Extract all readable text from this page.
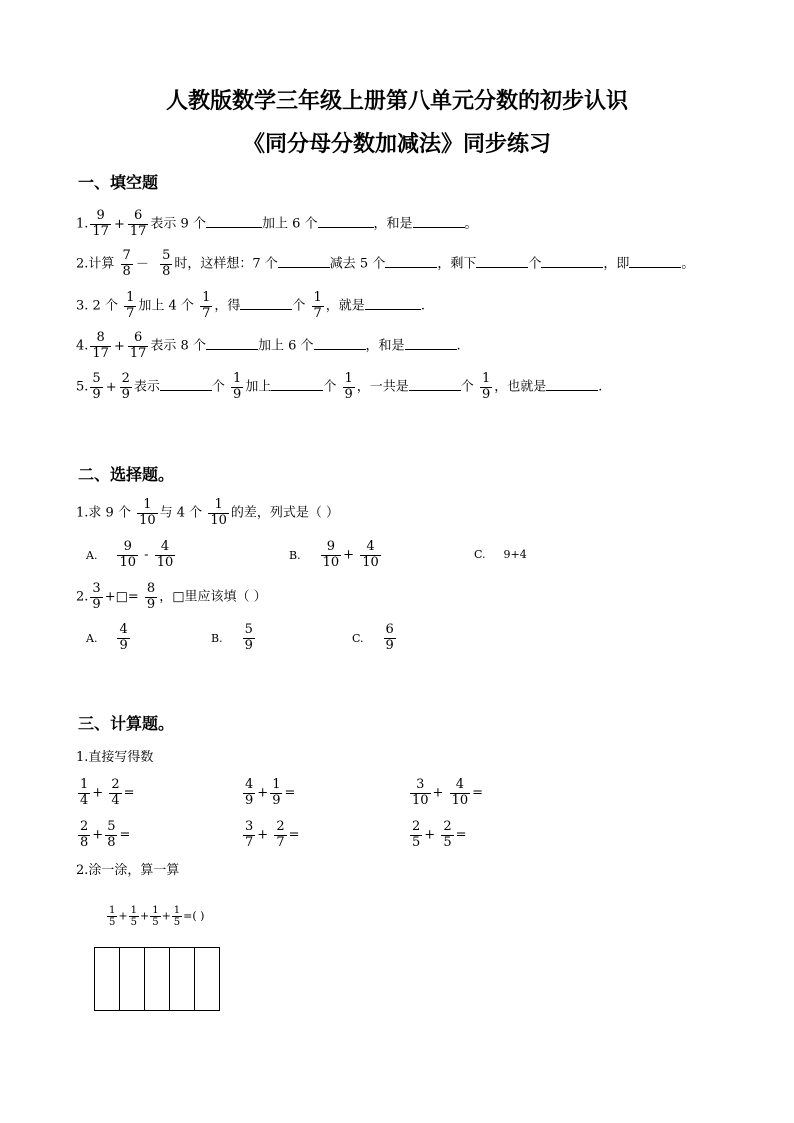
人教版数学三年级上册第八单元分数的初步认识
《同分母分数加减法》同步练习
一、填空题
1. $\frac{9}{17} + \frac{6}{17}$ 表示 9 个	加上 6 个	，和是	。
2.计算 $\frac{7}{8} - \frac{5}{8}$ 时，这样想：7 个	减去 5 个	，剩下	个	，即	。
3. 2 个 $\frac{1}{7}$ 加上 4 个 $\frac{1}{7}$ ，得	个 $\frac{1}{7}$ ，就是	.
4. $\frac{8}{17} + \frac{6}{17}$ 表示 8 个	加上 6 个	，和是	.
5. $\frac{5}{9} + \frac{2}{9}$ 表示	个 $\frac{1}{9}$ 加上	个 $\frac{1}{9}$ ，一共是	个 $\frac{1}{9}$ ，也就是	.
二、选择题。
1.求 9 个 $\frac{1}{10}$ 与 4 个 $\frac{1}{10}$ 的差，列式是（ ）
A. $\frac{9}{10} - \frac{4}{10}$	B. $\frac{9}{10} + \frac{4}{10}$	C. 9+4
2. $\frac{3}{9}$ +□= $\frac{8}{9}$ ，□里应该填（ ）
A. $\frac{4}{9}$	B. $\frac{5}{9}$	C. $\frac{6}{9}$
三、计算题。
1.直接写得数
$\frac{1}{4} + \frac{2}{4}$ =	$\frac{4}{9} + \frac{1}{9}$ =	$\frac{3}{10} + \frac{4}{10}$ =
$\frac{2}{8} + \frac{5}{8}$ =	$\frac{3}{7} + \frac{2}{7}$ =	$\frac{2}{5} + \frac{2}{5}$ =
2.涂一涂，算一算
$\frac{1}{5} + \frac{1}{5} + \frac{1}{5} + \frac{1}{5}$ =( )
